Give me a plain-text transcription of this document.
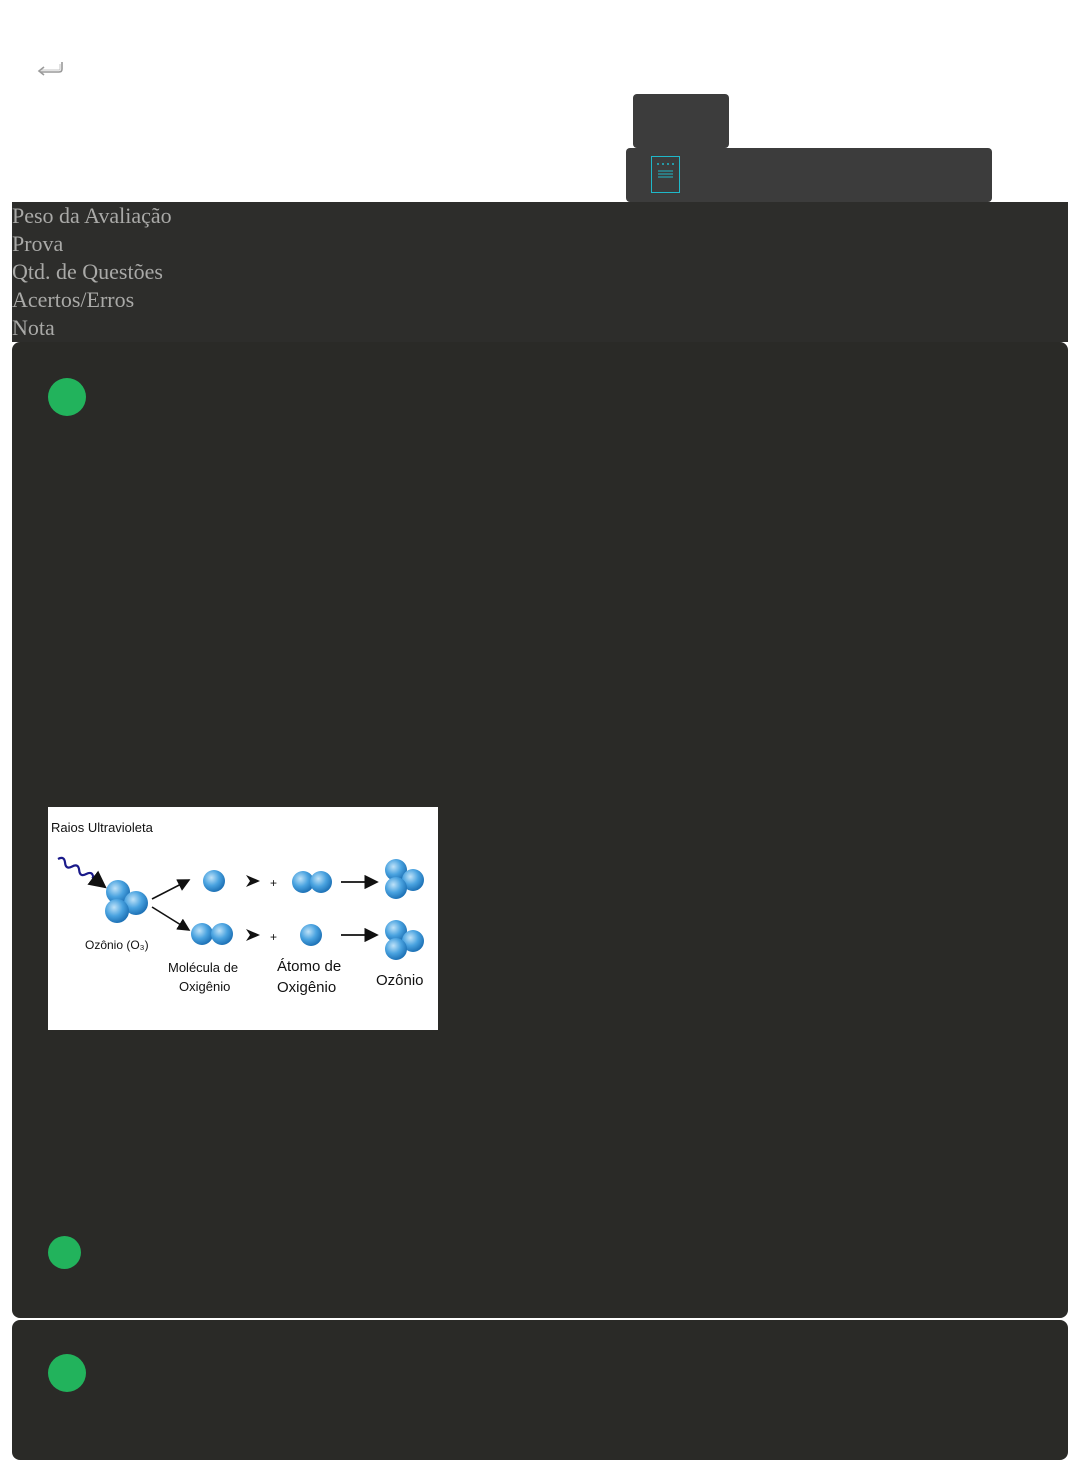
Peso da Avaliação
Prova
Qtd. de Questões
Acertos/Erros
Nota
Raios Ultravioleta
Ozônio (O₃)
+
+
Molécula de
Oxigênio
Átomo de
Oxigênio	Ozônio
